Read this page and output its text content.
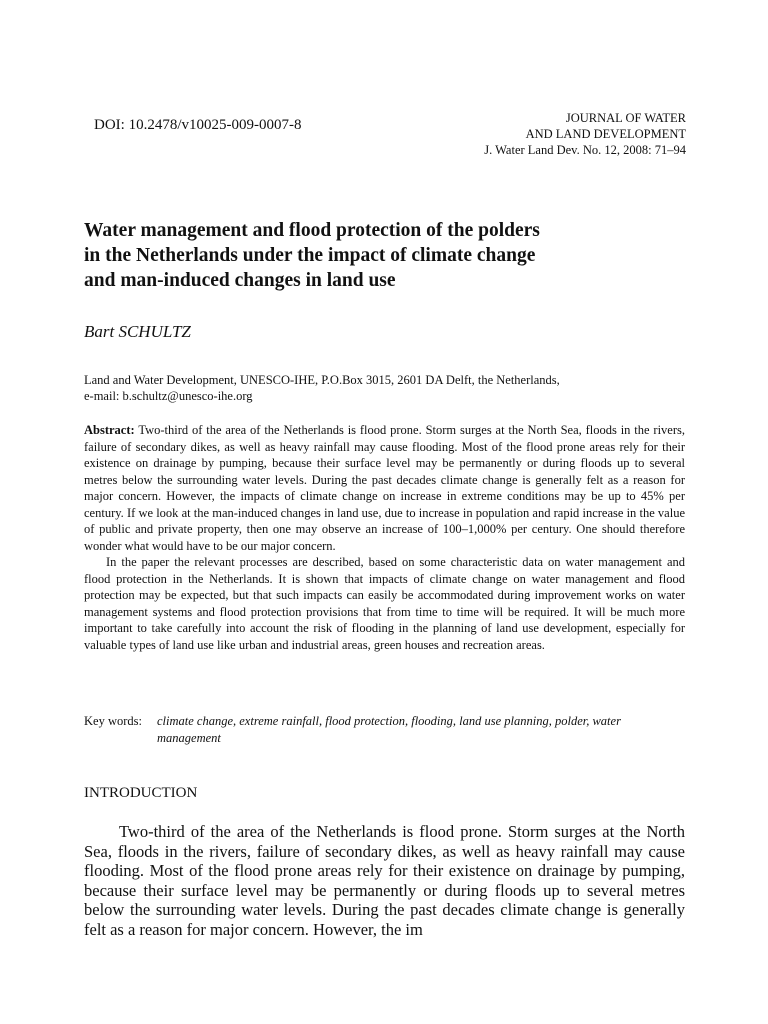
DOI: 10.2478/v10025-009-0007-8	JOURNAL OF WATER
AND LAND DEVELOPMENT
J. Water Land Dev. No. 12, 2008: 71–94
Water management and flood protection of the polders
in the Netherlands under the impact of climate change
and man-induced changes in land use
Bart SCHULTZ
Land and Water Development, UNESCO-IHE, P.O.Box 3015, 2601 DA Delft, the Netherlands,
e-mail: b.schultz@unesco-ihe.org

Abstract: Two-third of the area of the Netherlands is flood prone. Storm surges at the North Sea, floods in the rivers, failure of secondary dikes, as well as heavy rainfall may cause flooding. Most of the flood prone areas rely for their existence on drainage by pumping, because their surface level may be permanently or during floods up to several metres below the surrounding water levels. During the past decades climate change is generally felt as a reason for major concern. However, the impacts of climate change on increase in extreme conditions may be up to 45% per century. If we look at the man-induced changes in land use, due to increase in population and rapid increase in the value of public and private property, then one may observe an increase of 100–1,000% per century. One should therefore wonder what would have to be our major concern.

In the paper the relevant processes are described, based on some characteristic data on water management and flood protection in the Netherlands. It is shown that impacts of climate change on water management and flood protection may be expected, but that such impacts can easily be accommodated during improvement works on water management systems and flood protection provisions that from time to time will be required. It will be much more important to take carefully into account the risk of flooding in the planning of land use development, especially for valuable types of land use like urban and industrial areas, green houses and recreation areas.

Key words: climate change, extreme rainfall, flood protection, flooding, land use planning, polder, water management
INTRODUCTION

Two-third of the area of the Netherlands is flood prone. Storm surges at the North Sea, floods in the rivers, failure of secondary dikes, as well as heavy rainfall may cause flooding. Most of the flood prone areas rely for their existence on drainage by pumping, because their surface level may be permanently or during floods up to several metres below the surrounding water levels. During the past decades climate change is generally felt as a reason for major concern. However, the im
